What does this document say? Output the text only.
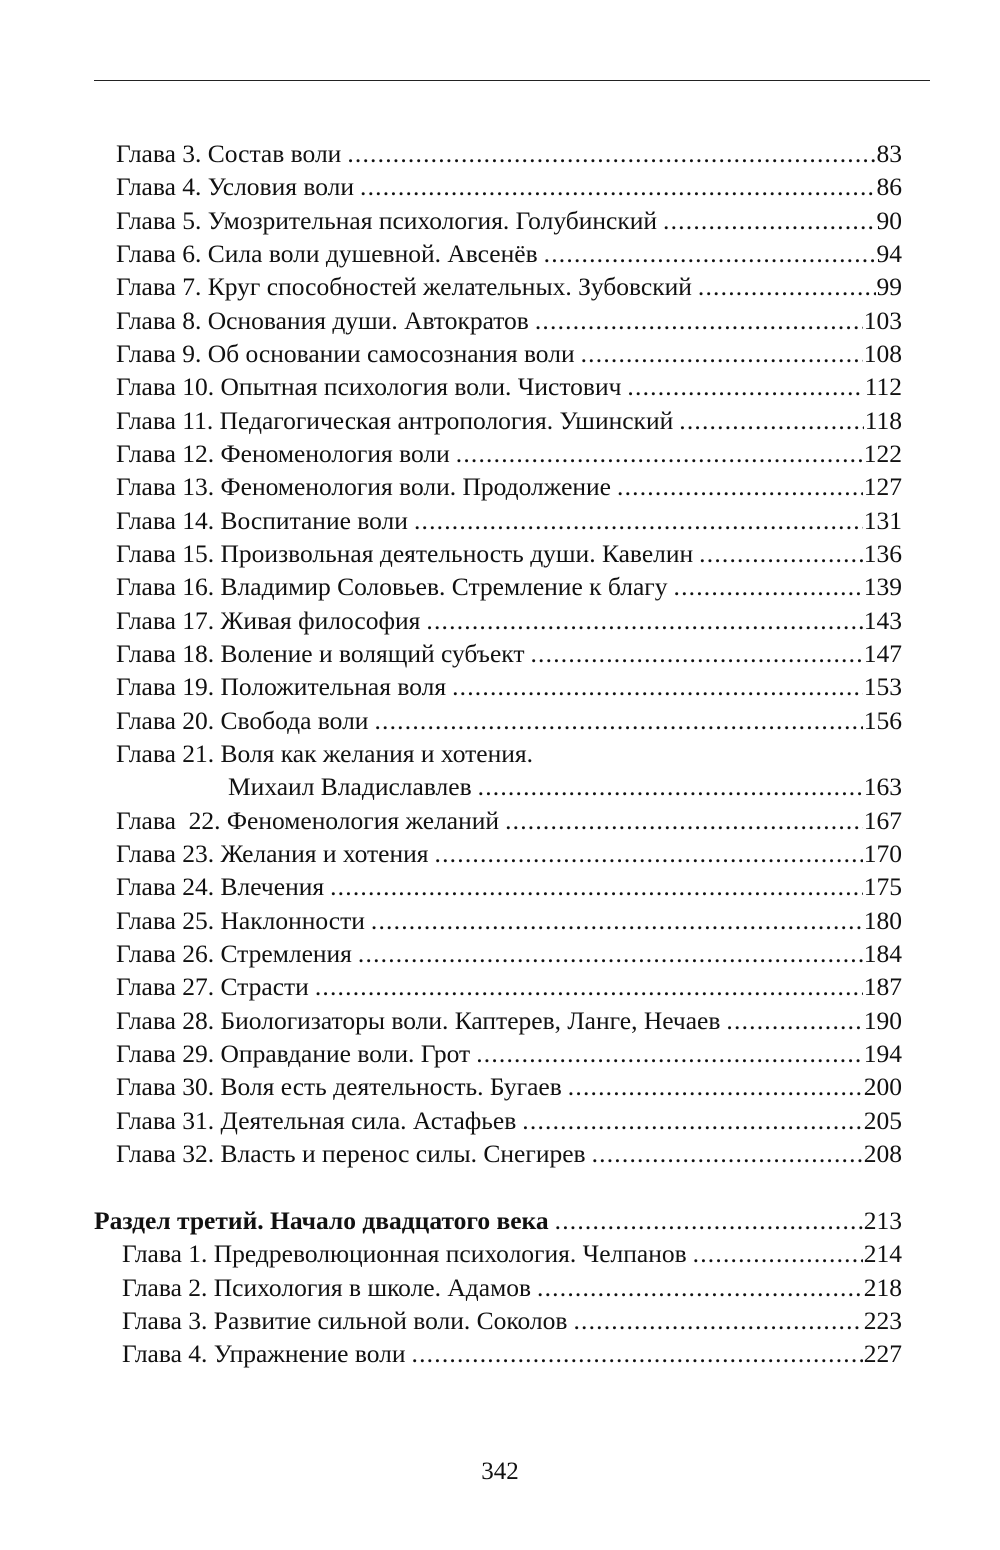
Глава 3. Состав воли .....	83
Глава 4. Условия воли .....	86
Глава 5. Умозрительная психология. Голубинский .....	90
Глава 6. Сила воли душевной. Авсенёв .....	94
Глава 7. Круг способностей желательных. Зубовский .....	99
Глава 8. Основания души. Автократов .....	103
Глава 9. Об основании самосознания воли .....	108
Глава 10. Опытная психология воли. Чистович .....	112
Глава 11. Педагогическая антропология. Ушинский .....	118
Глава 12. Феноменология воли .....	122
Глава 13. Феноменология воли. Продолжение .....	127
Глава 14. Воспитание воли .....	131
Глава 15. Произвольная деятельность души. Кавелин .....	136
Глава 16. Владимир Соловьев. Стремление к благу .....	139
Глава 17. Живая философия .....	143
Глава 18. Воление и волящий субъект .....	147
Глава 19. Положительная воля .....	153
Глава 20. Свобода воли .....	156
Глава 21. Воля как желания и хотения.
Михаил Владиславлев .....	163
Глава  22. Феноменология желаний .....	167
Глава 23. Желания и хотения .....	170
Глава 24. Влечения .....	175
Глава 25. Наклонности .....	180
Глава 26. Стремления .....	184
Глава 27. Страсти .....	187
Глава 28. Биологизаторы воли. Каптерев, Ланге, Нечаев .....	190
Глава 29. Оправдание воли. Грот .....	194
Глава 30. Воля есть деятельность. Бугаев .....	200
Глава 31. Деятельная сила. Астафьев .....	205
Глава 32. Власть и перенос силы. Снегирев .....	208
Раздел третий. Начало двадцатого века .....	213
Глава 1. Предреволюционная психология. Челпанов .....	214
Глава 2. Психология в школе. Адамов .....	218
Глава 3. Развитие сильной воли. Соколов .....	223
Глава 4. Упражнение воли .....	227
342
